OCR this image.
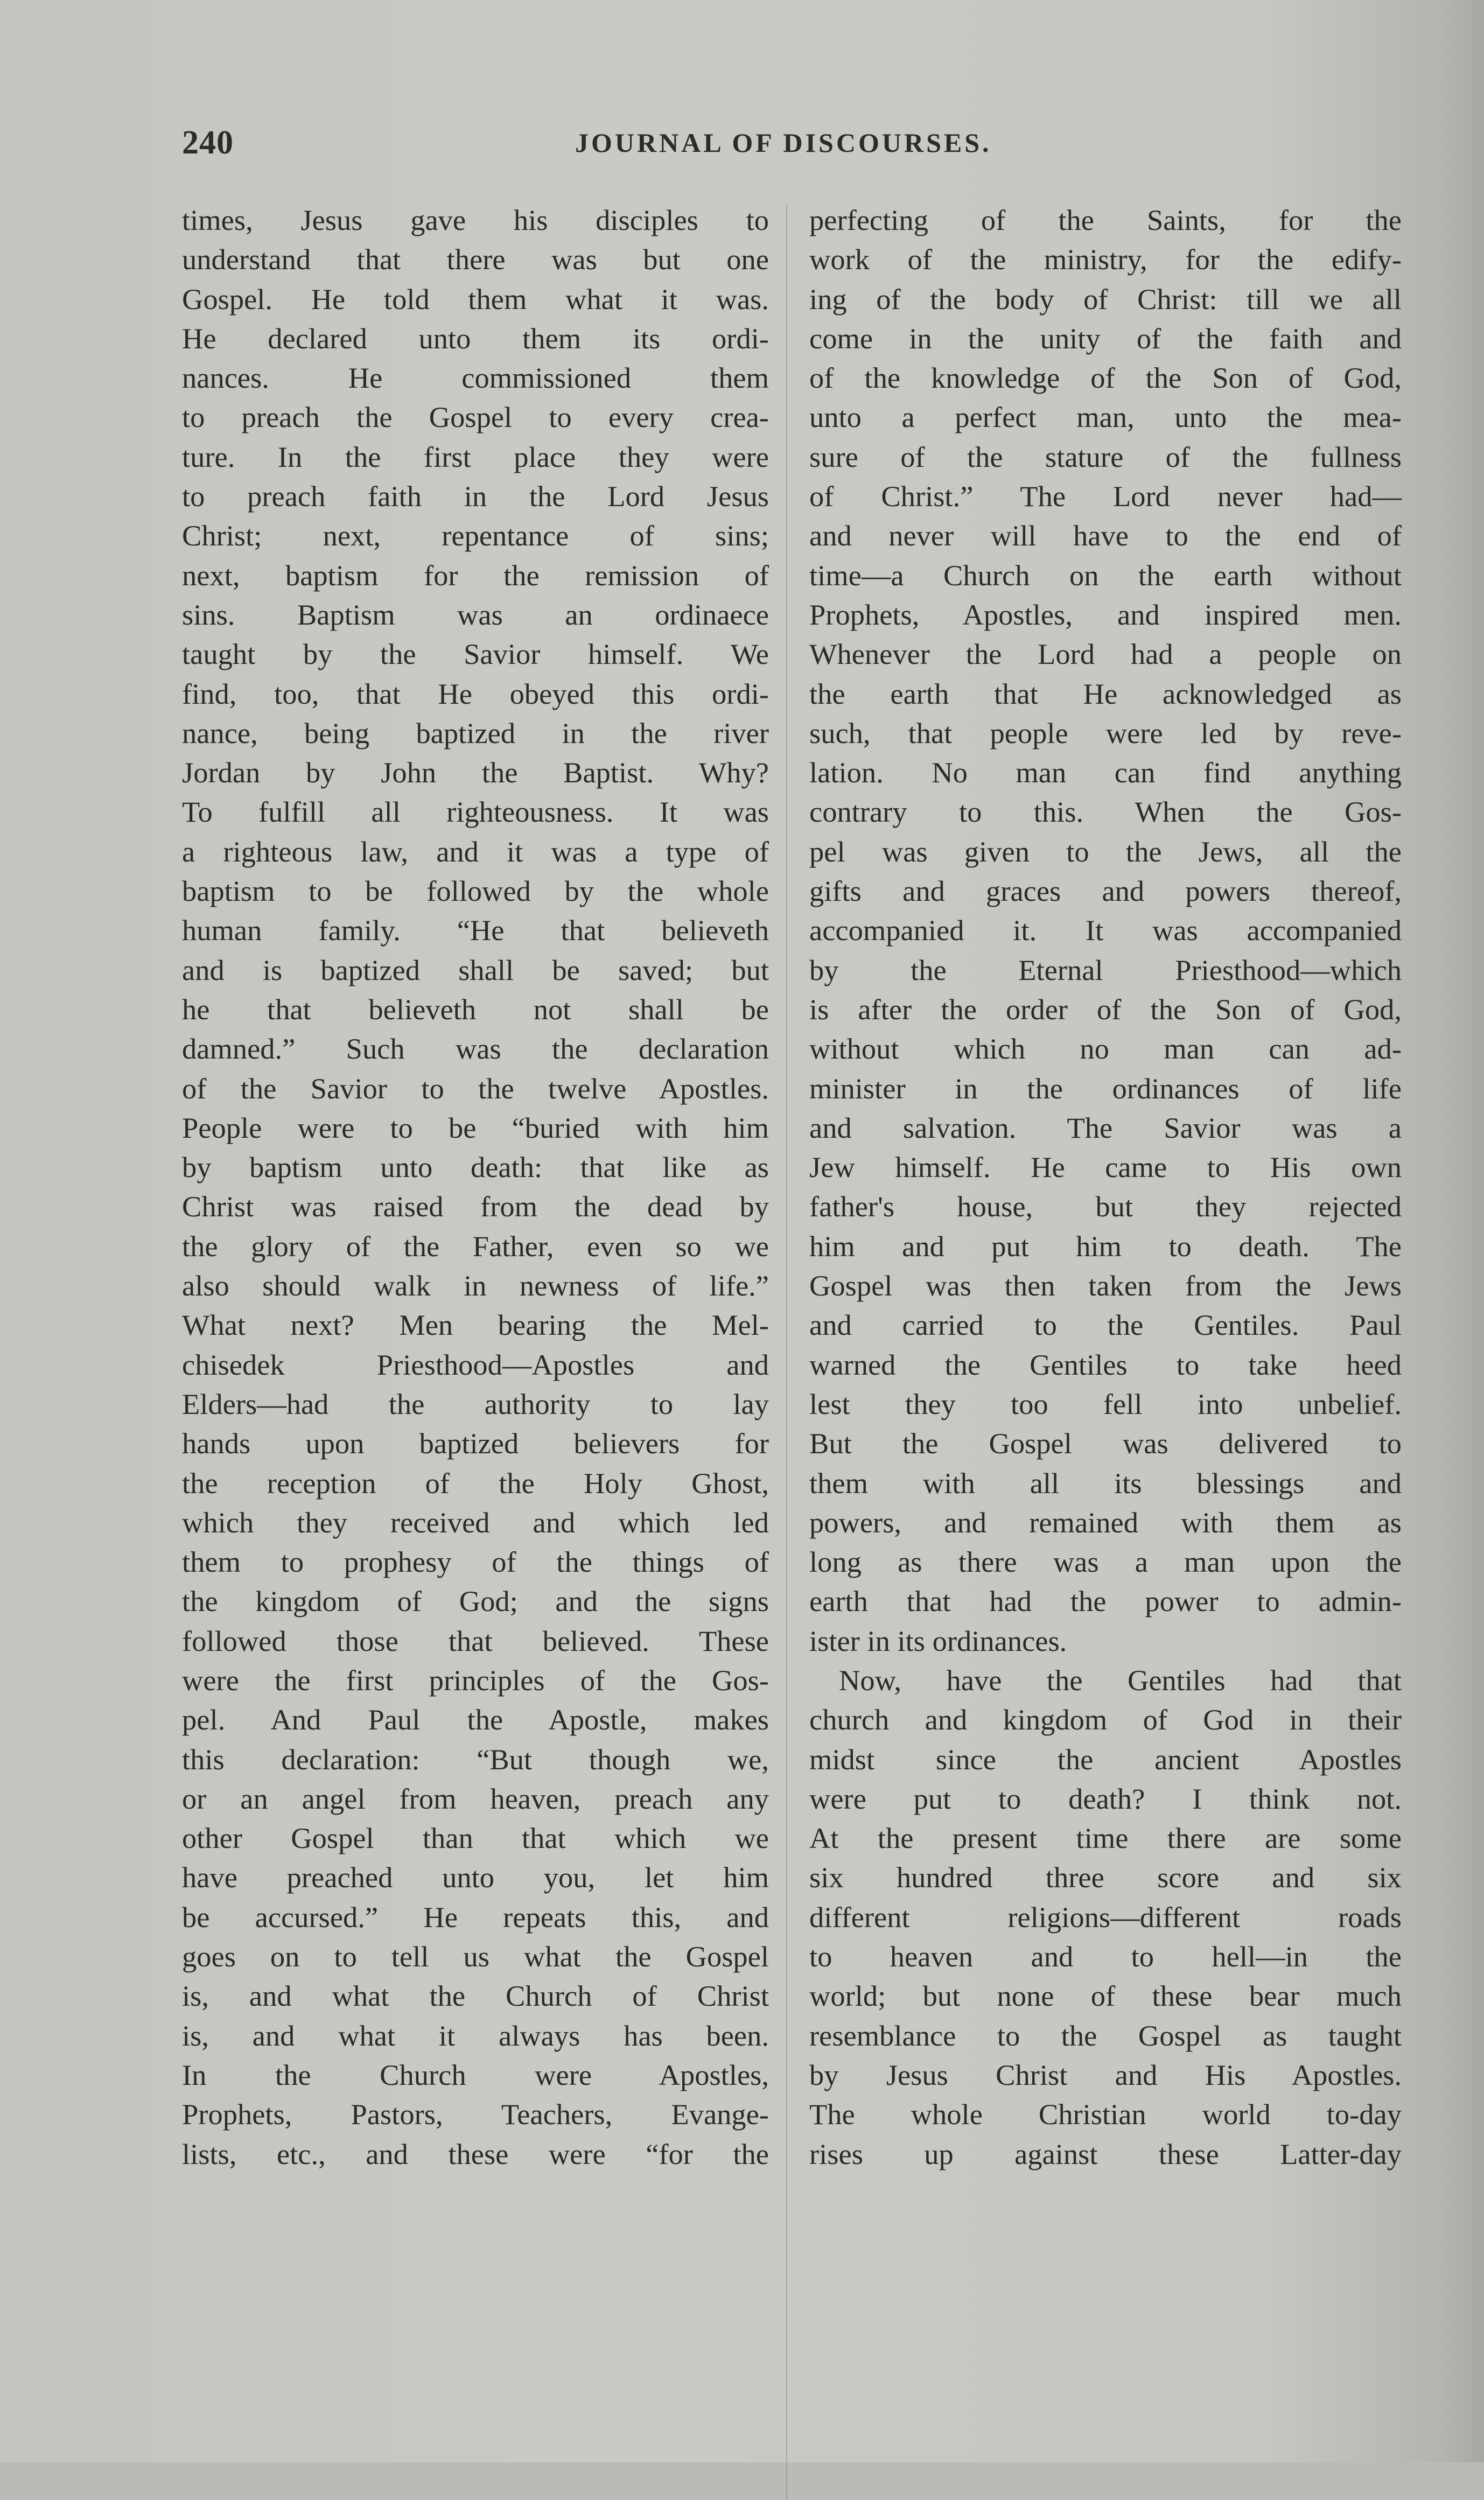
240	JOURNAL OF DISCOURSES.
times, Jesus gave his disciples to
understand that there was but one
Gospel. He told them what it was.
He declared unto them its ordi-
nances. He commissioned them
to preach the Gospel to every crea-
ture. In the first place they were
to preach faith in the Lord Jesus
Christ; next, repentance of sins;
next, baptism for the remission of
sins. Baptism was an ordinaece
taught by the Savior himself. We
find, too, that He obeyed this ordi-
nance, being baptized in the river
Jordan by John the Baptist. Why?
To fulfill all righteousness. It was
a righteous law, and it was a type of
baptism to be followed by the whole
human family. “He that believeth
and is baptized shall be saved; but
he that believeth not shall be
damned.” Such was the declaration
of the Savior to the twelve Apostles.
People were to be “buried with him
by baptism unto death: that like as
Christ was raised from the dead by
the glory of the Father, even so we
also should walk in newness of life.”
What next? Men bearing the Mel-
chisedek Priesthood—Apostles and
Elders—had the authority to lay
hands upon baptized believers for
the reception of the Holy Ghost,
which they received and which led
them to prophesy of the things of
the kingdom of God; and the signs
followed those that believed. These
were the first principles of the Gos-
pel. And Paul the Apostle, makes
this declaration: “But though we,
or an angel from heaven, preach any
other Gospel than that which we
have preached unto you, let him
be accursed.” He repeats this, and
goes on to tell us what the Gospel
is, and what the Church of Christ
is, and what it always has been.
In the Church were Apostles,
Prophets, Pastors, Teachers, Evange-
lists, etc., and these were “for the
perfecting of the Saints, for the
work of the ministry, for the edify-
ing of the body of Christ: till we all
come in the unity of the faith and
of the knowledge of the Son of God,
unto a perfect man, unto the mea-
sure of the stature of the fullness
of Christ.” The Lord never had—
and never will have to the end of
time—a Church on the earth without
Prophets, Apostles, and inspired men.
Whenever the Lord had a people on
the earth that He acknowledged as
such, that people were led by reve-
lation. No man can find anything
contrary to this. When the Gos-
pel was given to the Jews, all the
gifts and graces and powers thereof,
accompanied it. It was accompanied
by the Eternal Priesthood—which
is after the order of the Son of God,
without which no man can ad-
minister in the ordinances of life
and salvation. The Savior was a
Jew himself. He came to His own
father's house, but they rejected
him and put him to death. The
Gospel was then taken from the Jews
and carried to the Gentiles. Paul
warned the Gentiles to take heed
lest they too fell into unbelief.
But the Gospel was delivered to
them with all its blessings and
powers, and remained with them as
long as there was a man upon the
earth that had the power to admin-
ister in its ordinances.
Now, have the Gentiles had that
church and kingdom of God in their
midst since the ancient Apostles
were put to death? I think not.
At the present time there are some
six hundred three score and six
different religions—different roads
to heaven and to hell—in the
world; but none of these bear much
resemblance to the Gospel as taught
by Jesus Christ and His Apostles.
The whole Christian world to-day
rises up against these Latter-day
